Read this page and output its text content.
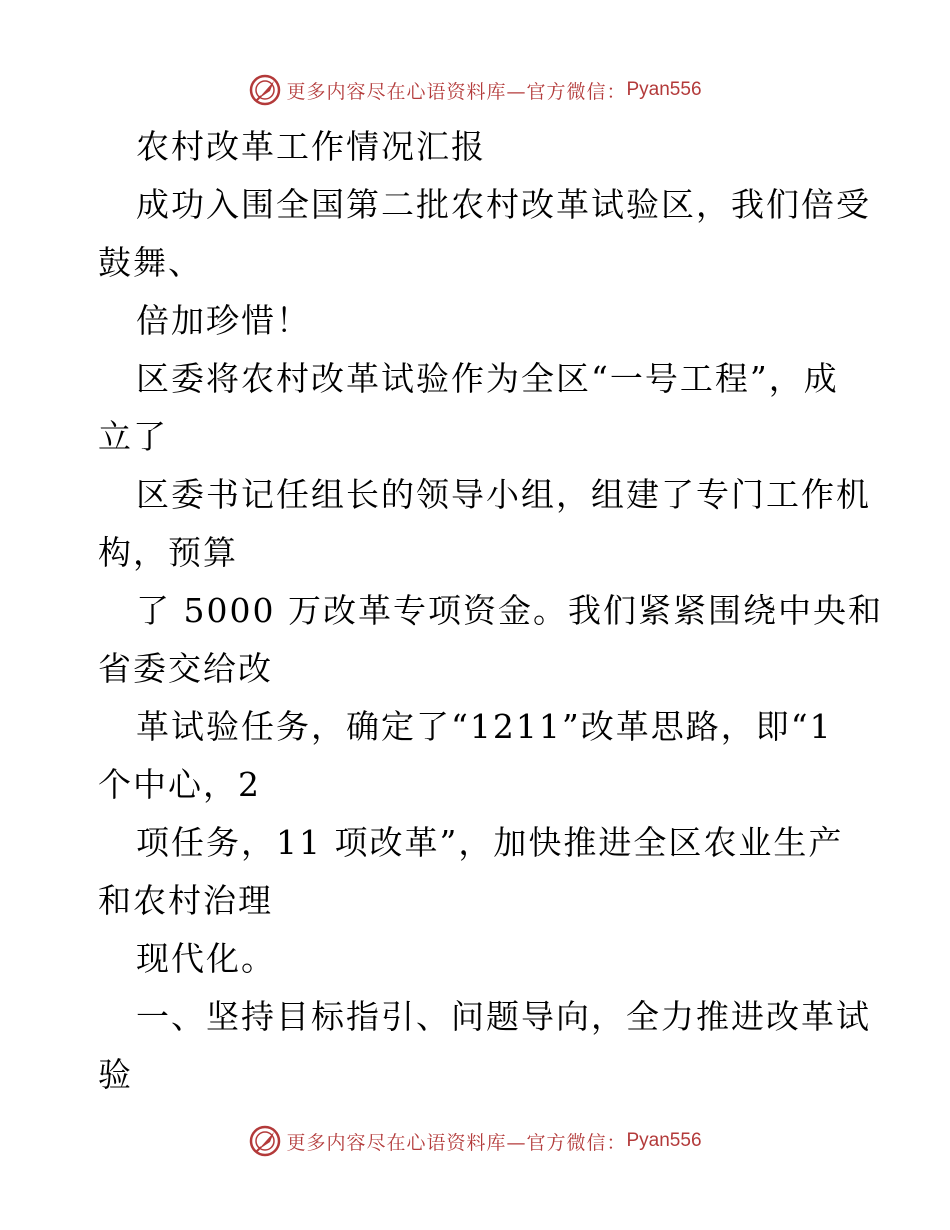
更多内容尽在心语资料库—官方微信： Pyan556
农村改革工作情况汇报
成功入围全国第二批农村改革试验区，我们倍受
鼓舞、
倍加珍惜！
区委将农村改革试验作为全区“一号工程”，成
立了
区委书记任组长的领导小组，组建了专门工作机
构，预算
了 5000 万改革专项资金。我们紧紧围绕中央和
省委交给改
革试验任务，确定了“1211”改革思路，即“1
个中心，2
项任务，11 项改革”，加快推进全区农业生产
和农村治理
现代化。
一、坚持目标指引、问题导向，全力推进改革试
验
更多内容尽在心语资料库—官方微信： Pyan556
